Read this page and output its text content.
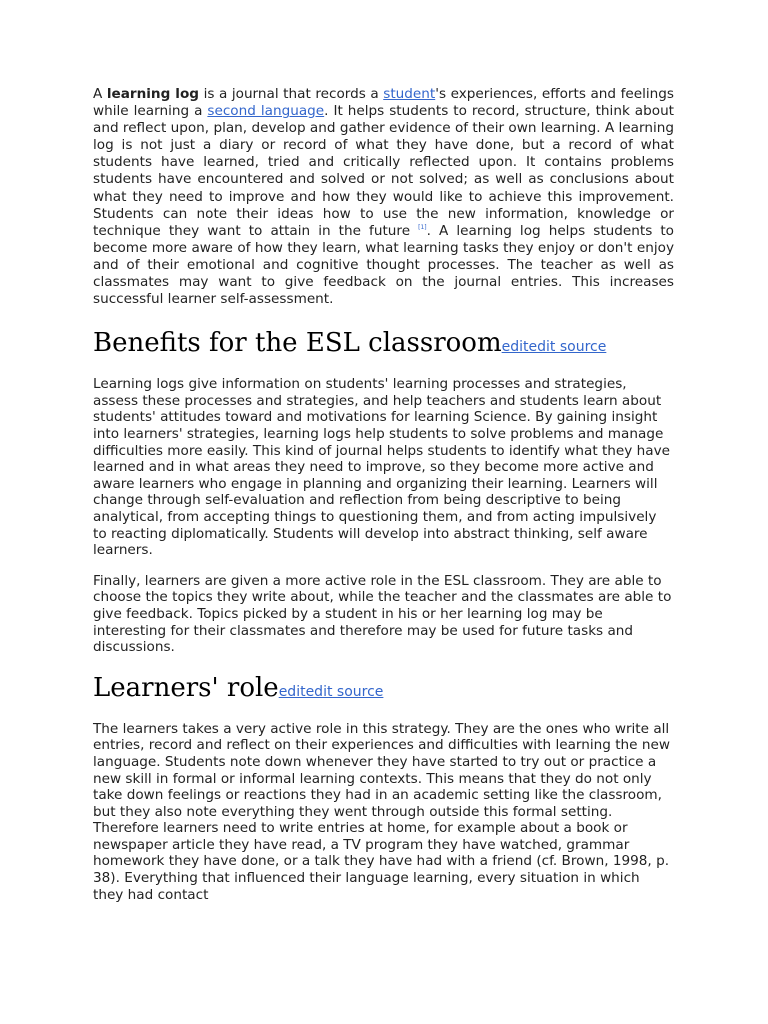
A learning log is a journal that records a student's experiences, efforts and feelings while learning a second language. It helps students to record, structure, think about and reflect upon, plan, develop and gather evidence of their own learning. A learning log is not just a diary or record of what they have done, but a record of what students have learned, tried and critically reflected upon. It contains problems students have encountered and solved or not solved; as well as conclusions about what they need to improve and how they would like to achieve this improvement. Students can note their ideas how to use the new information, knowledge or technique they want to attain in the future [1]. A learning log helps students to become more aware of how they learn, what learning tasks they enjoy or don't enjoy and of their emotional and cognitive thought processes. The teacher as well as classmates may want to give feedback on the journal entries. This increases successful learner self-assessment.

Benefits for the ESL classroomeditedit source

Learning logs give information on students' learning processes and strategies, assess these processes and strategies, and help teachers and students learn about students' attitudes toward and motivations for learning Science. By gaining insight into learners' strategies, learning logs help students to solve problems and manage difficulties more easily. This kind of journal helps students to identify what they have learned and in what areas they need to improve, so they become more active and aware learners who engage in planning and organizing their learning. Learners will change through self-evaluation and reflection from being descriptive to being analytical, from accepting things to questioning them, and from acting impulsively to reacting diplomatically. Students will develop into abstract thinking, self aware learners.

Finally, learners are given a more active role in the ESL classroom. They are able to choose the topics they write about, while the teacher and the classmates are able to give feedback. Topics picked by a student in his or her learning log may be interesting for their classmates and therefore may be used for future tasks and discussions.

Learners' roleeditedit source

The learners takes a very active role in this strategy. They are the ones who write all entries, record and reflect on their experiences and difficulties with learning the new language. Students note down whenever they have started to try out or practice a new skill in formal or informal learning contexts. This means that they do not only take down feelings or reactions they had in an academic setting like the classroom, but they also note everything they went through outside this formal setting. Therefore learners need to write entries at home, for example about a book or newspaper article they have read, a TV program they have watched, grammar homework they have done, or a talk they have had with a friend (cf. Brown, 1998, p. 38). Everything that influenced their language learning, every situation in which they had contact
